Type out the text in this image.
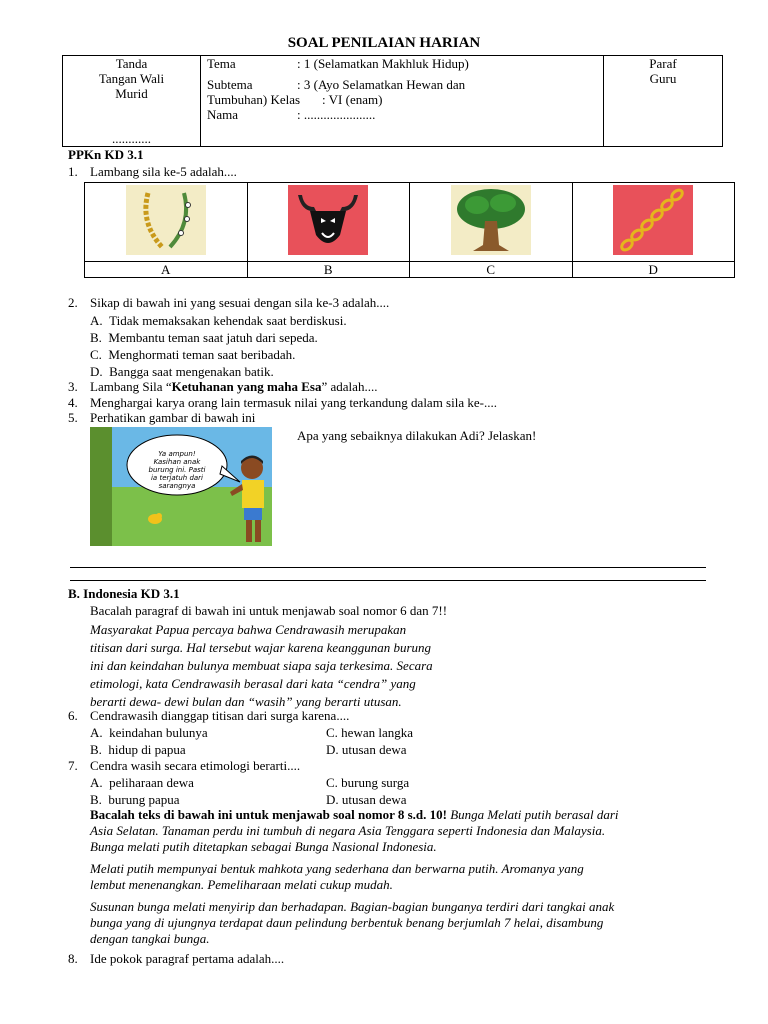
SOAL PENILAIAN HARIAN
Tanda
Tangan Wali
Murid
............

Tema	: 1 (Selamatkan Makhluk Hidup)
Subtema	: 3 (Ayo Selamatkan Hewan dan
Tumbuhan) Kelas : VI (enam)
Nama	: ......................

Paraf
Guru
PPKn KD 3.1
1. Lambang sila ke-5 adalah....

A	B	C	D
2. Sikap di bawah ini yang sesuai dengan sila ke-3 adalah....
A. Tidak memaksakan kehendak saat berdiskusi.
B. Membantu teman saat jatuh dari sepeda.
C. Menghormati teman saat beribadah.
D. Bangga saat mengenakan batik.
3. Lambang Sila “Ketuhanan yang maha Esa” adalah....
4. Menghargai karya orang lain termasuk nilai yang terkandung dalam sila ke-....
5. Perhatikan gambar di bawah ini
Ya ampun!
Kasihan anak
burung ini. Pasti
ia terjatuh dari
sarangnya
Apa yang sebaiknya dilakukan Adi? Jelaskan!
B. Indonesia KD 3.1
Bacalah paragraf di bawah ini untuk menjawab soal nomor 6 dan 7!!
Masyarakat Papua percaya bahwa Cendrawasih merupakan
titisan dari surga. Hal tersebut wajar karena keanggunan burung
ini dan keindahan bulunya membuat siapa saja terkesima. Secara
etimologi, kata Cendrawasih berasal dari kata “cendra” yang
berarti dewa- dewi bulan dan “wasih” yang berarti utusan.
6. Cendrawasih dianggap titisan dari surga karena....
A. keindahan bulunya	C. hewan langka
B. hidup di papua	D. utusan dewa
7. Cendra wasih secara etimologi berarti....
A. peliharaan dewa	C. burung surga
B. burung papua	D. utusan dewa
Bacalah teks di bawah ini untuk menjawab soal nomor 8 s.d. 10! Bunga Melati putih berasal dari
Asia Selatan. Tanaman perdu ini tumbuh di negara Asia Tenggara seperti Indonesia dan Malaysia.
Bunga melati putih ditetapkan sebagai Bunga Nasional Indonesia.
Melati putih mempunyai bentuk mahkota yang sederhana dan berwarna putih. Aromanya yang
lembut menenangkan. Pemeliharaan melati cukup mudah.
Susunan bunga melati menyirip dan berhadapan. Bagian-bagian bunganya terdiri dari tangkai anak
bunga yang di ujungnya terdapat daun pelindung berbentuk benang berjumlah 7 helai, disambung
dengan tangkai bunga.
8. Ide pokok paragraf pertama adalah....
